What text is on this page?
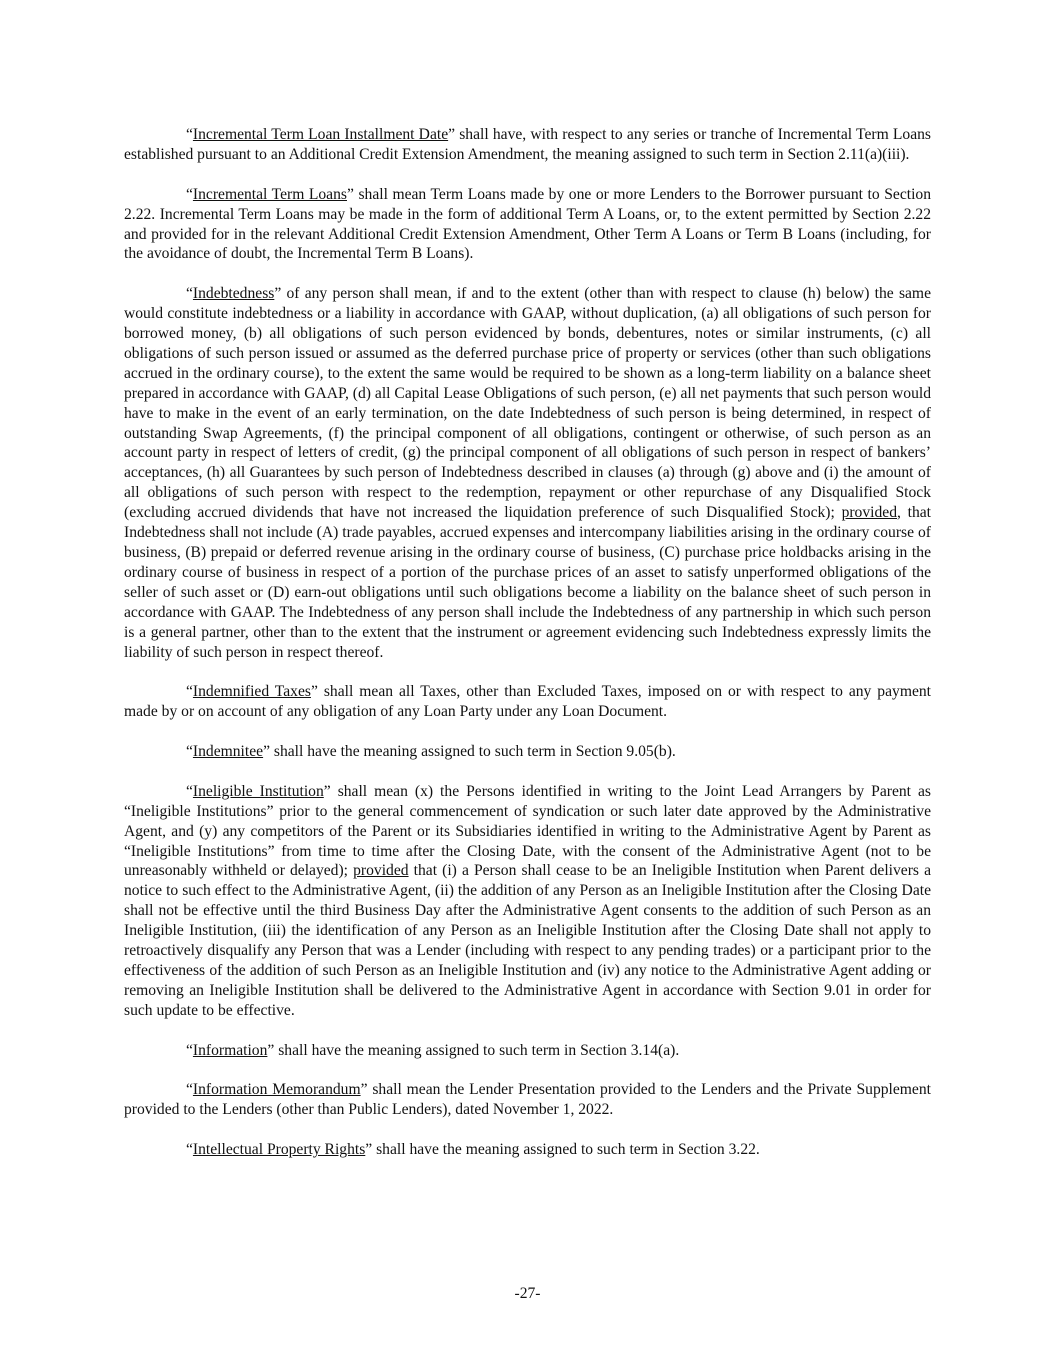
“Incremental Term Loan Installment Date” shall have, with respect to any series or tranche of Incremental Term Loans established pursuant to an Additional Credit Extension Amendment, the meaning assigned to such term in Section 2.11(a)(iii).

“Incremental Term Loans” shall mean Term Loans made by one or more Lenders to the Borrower pursuant to Section 2.22. Incremental Term Loans may be made in the form of additional Term A Loans, or, to the extent permitted by Section 2.22 and provided for in the relevant Additional Credit Extension Amendment, Other Term A Loans or Term B Loans (including, for the avoidance of doubt, the Incremental Term B Loans).

“Indebtedness” of any person shall mean, if and to the extent (other than with respect to clause (h) below) the same would constitute indebtedness or a liability in accordance with GAAP, without duplication, (a) all obligations of such person for borrowed money, (b) all obligations of such person evidenced by bonds, debentures, notes or similar instruments, (c) all obligations of such person issued or assumed as the deferred purchase price of property or services (other than such obligations accrued in the ordinary course), to the extent the same would be required to be shown as a long-term liability on a balance sheet prepared in accordance with GAAP, (d) all Capital Lease Obligations of such person, (e) all net payments that such person would have to make in the event of an early termination, on the date Indebtedness of such person is being determined, in respect of outstanding Swap Agreements, (f) the principal component of all obligations, contingent or otherwise, of such person as an account party in respect of letters of credit, (g) the principal component of all obligations of such person in respect of bankers’ acceptances, (h) all Guarantees by such person of Indebtedness described in clauses (a) through (g) above and (i) the amount of all obligations of such person with respect to the redemption, repayment or other repurchase of any Disqualified Stock (excluding accrued dividends that have not increased the liquidation preference of such Disqualified Stock); provided, that Indebtedness shall not include (A) trade payables, accrued expenses and intercompany liabilities arising in the ordinary course of business, (B) prepaid or deferred revenue arising in the ordinary course of business, (C) purchase price holdbacks arising in the ordinary course of business in respect of a portion of the purchase prices of an asset to satisfy unperformed obligations of the seller of such asset or (D) earn-out obligations until such obligations become a liability on the balance sheet of such person in accordance with GAAP. The Indebtedness of any person shall include the Indebtedness of any partnership in which such person is a general partner, other than to the extent that the instrument or agreement evidencing such Indebtedness expressly limits the liability of such person in respect thereof.

“Indemnified Taxes” shall mean all Taxes, other than Excluded Taxes, imposed on or with respect to any payment made by or on account of any obligation of any Loan Party under any Loan Document.

“Indemnitee” shall have the meaning assigned to such term in Section 9.05(b).

“Ineligible Institution” shall mean (x) the Persons identified in writing to the Joint Lead Arrangers by Parent as “Ineligible Institutions” prior to the general commencement of syndication or such later date approved by the Administrative Agent, and (y) any competitors of the Parent or its Subsidiaries identified in writing to the Administrative Agent by Parent as “Ineligible Institutions” from time to time after the Closing Date, with the consent of the Administrative Agent (not to be unreasonably withheld or delayed); provided that (i) a Person shall cease to be an Ineligible Institution when Parent delivers a notice to such effect to the Administrative Agent, (ii) the addition of any Person as an Ineligible Institution after the Closing Date shall not be effective until the third Business Day after the Administrative Agent consents to the addition of such Person as an Ineligible Institution, (iii) the identification of any Person as an Ineligible Institution after the Closing Date shall not apply to retroactively disqualify any Person that was a Lender (including with respect to any pending trades) or a participant prior to the effectiveness of the addition of such Person as an Ineligible Institution and (iv) any notice to the Administrative Agent adding or removing an Ineligible Institution shall be delivered to the Administrative Agent in accordance with Section 9.01 in order for such update to be effective.

“Information” shall have the meaning assigned to such term in Section 3.14(a).

“Information Memorandum” shall mean the Lender Presentation provided to the Lenders and the Private Supplement provided to the Lenders (other than Public Lenders), dated November 1, 2022.

“Intellectual Property Rights” shall have the meaning assigned to such term in Section 3.22.

-27-
